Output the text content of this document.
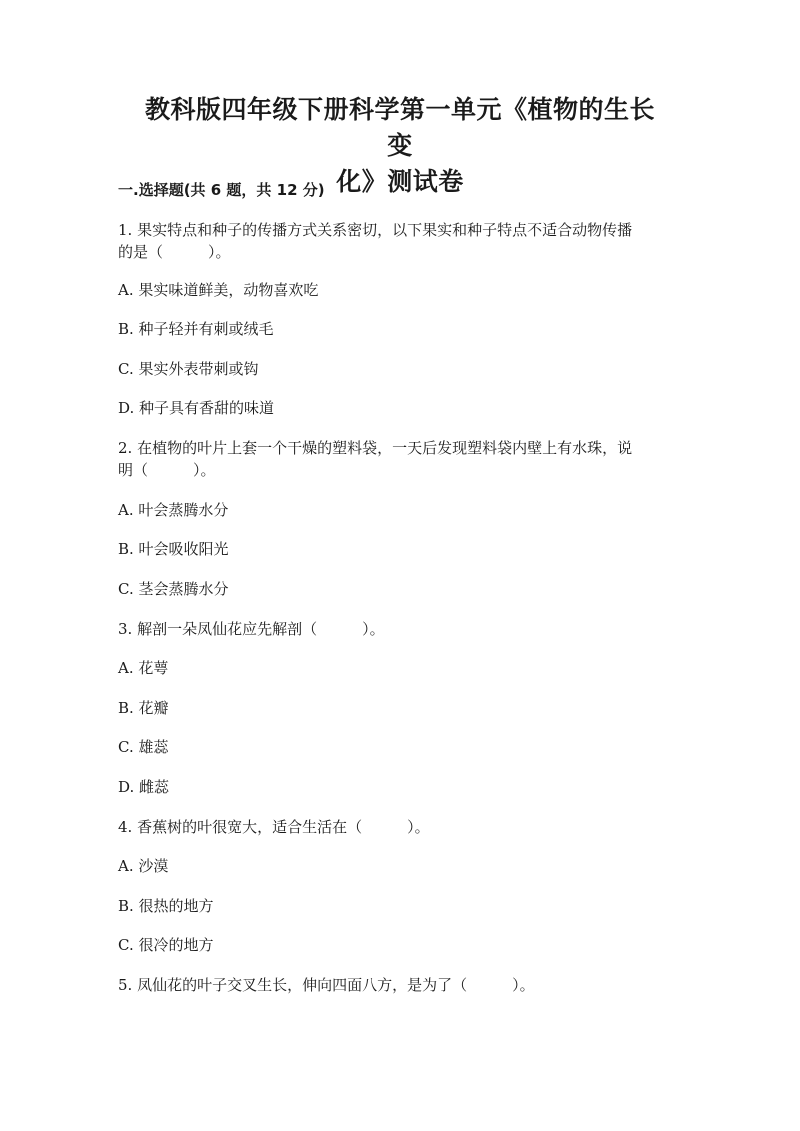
教科版四年级下册科学第一单元《植物的生长变
化》测试卷
一.选择题(共 6 题，共 12 分)
1. 果实特点和种子的传播方式关系密切，以下果实和种子特点不适合动物传播
的是（　　　）。
A. 果实味道鲜美，动物喜欢吃
B. 种子轻并有刺或绒毛
C. 果实外表带刺或钩
D. 种子具有香甜的味道
2. 在植物的叶片上套一个干燥的塑料袋，一天后发现塑料袋内壁上有水珠，说
明（　　　）。
A. 叶会蒸腾水分
B. 叶会吸收阳光
C. 茎会蒸腾水分
3. 解剖一朵凤仙花应先解剖（　　　）。
A. 花萼
B. 花瓣
C. 雄蕊
D. 雌蕊
4. 香蕉树的叶很宽大，适合生活在（　　　）。
A. 沙漠
B. 很热的地方
C. 很冷的地方
5. 凤仙花的叶子交叉生长，伸向四面八方，是为了（　　　）。
